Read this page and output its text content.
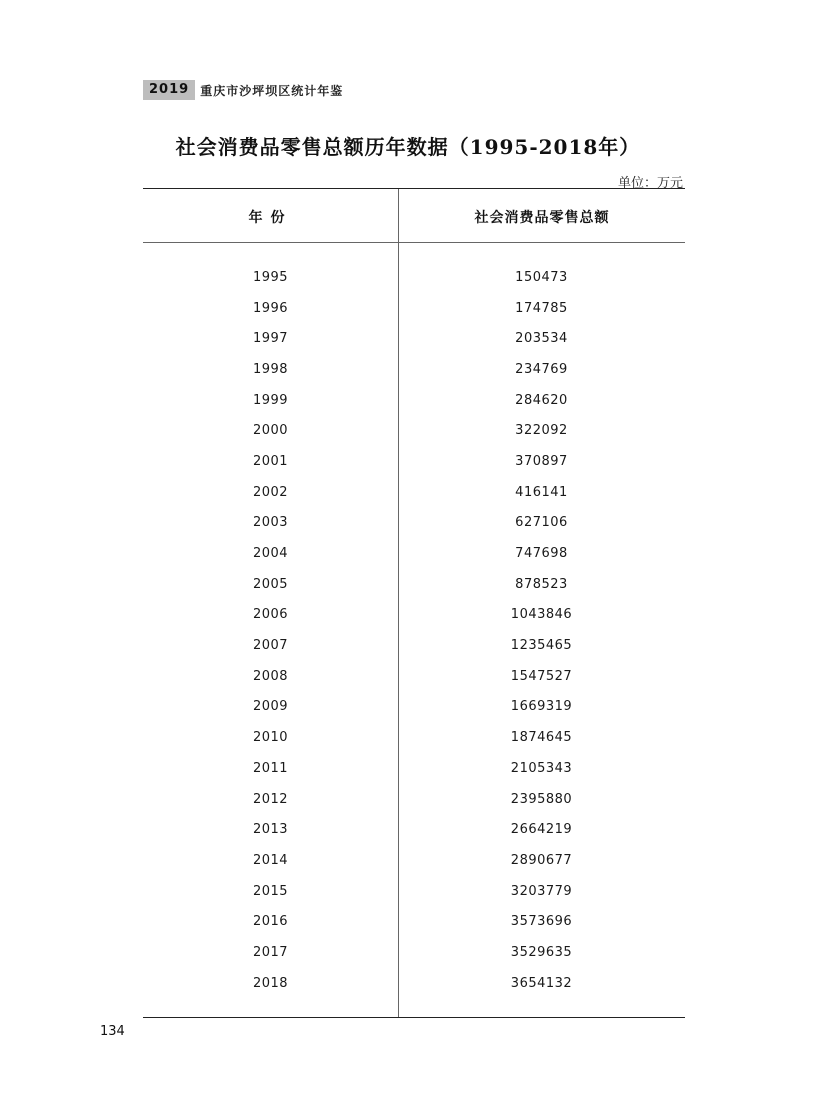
2019 重庆市沙坪坝区统计年鉴
社会消费品零售总额历年数据（1995-2018年）
单位：万元
年份	社会消费品零售总额
1995	150473
1996	174785
1997	203534
1998	234769
1999	284620
2000	322092
2001	370897
2002	416141
2003	627106
2004	747698
2005	878523
2006	1043846
2007	1235465
2008	1547527
2009	1669319
2010	1874645
2011	2105343
2012	2395880
2013	2664219
2014	2890677
2015	3203779
2016	3573696
2017	3529635
2018	3654132
134
